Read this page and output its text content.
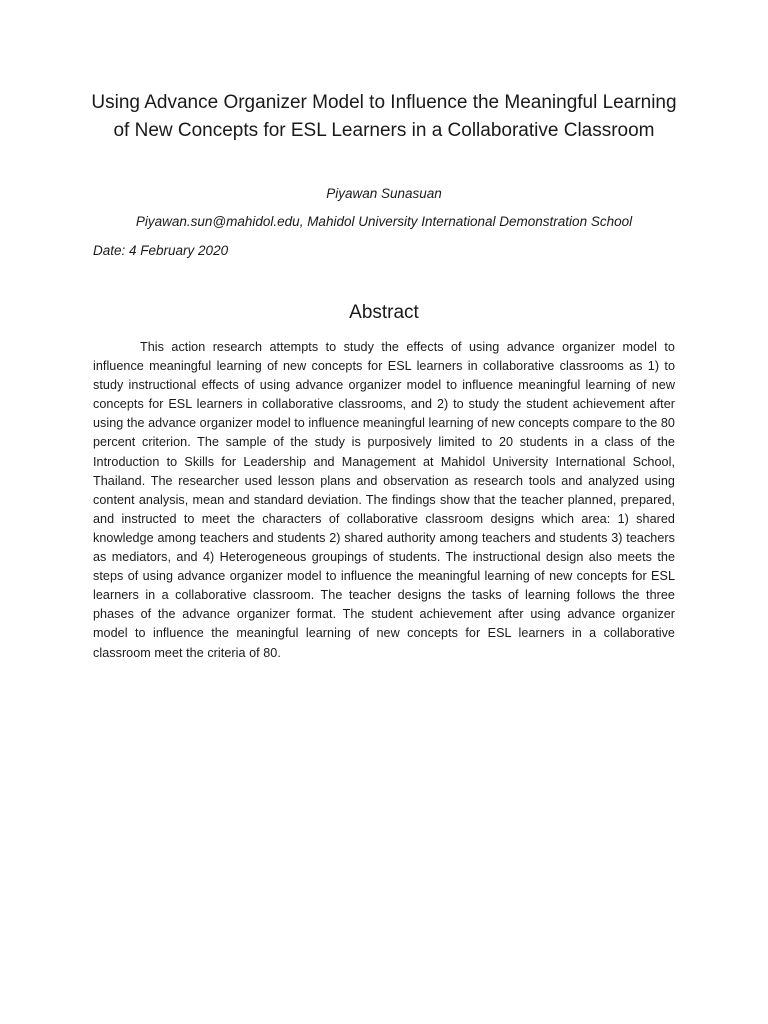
Using Advance Organizer Model to Influence the Meaningful Learning of New Concepts for ESL Learners in a Collaborative Classroom
Piyawan Sunasuan
Piyawan.sun@mahidol.edu, Mahidol University International Demonstration School
Date: 4 February 2020
Abstract

This action research attempts to study the effects of using advance organizer model to influence meaningful learning of new concepts for ESL learners in collaborative classrooms as 1) to study instructional effects of using advance organizer model to influence meaningful learning of new concepts for ESL learners in collaborative classrooms, and 2) to study the student achievement after using the advance organizer model to influence meaningful learning of new concepts compare to the 80 percent criterion. The sample of the study is purposively limited to 20 students in a class of the Introduction to Skills for Leadership and Management at Mahidol University International School, Thailand. The researcher used lesson plans and observation as research tools and analyzed using content analysis, mean and standard deviation. The findings show that the teacher planned, prepared, and instructed to meet the characters of collaborative classroom designs which area: 1) shared knowledge among teachers and students 2) shared authority among teachers and students 3) teachers as mediators, and 4) Heterogeneous groupings of students. The instructional design also meets the steps of using advance organizer model to influence the meaningful learning of new concepts for ESL learners in a collaborative classroom. The teacher designs the tasks of learning follows the three phases of the advance organizer format. The student achievement after using advance organizer model to influence the meaningful learning of new concepts for ESL learners in a collaborative classroom meet the criteria of 80.
